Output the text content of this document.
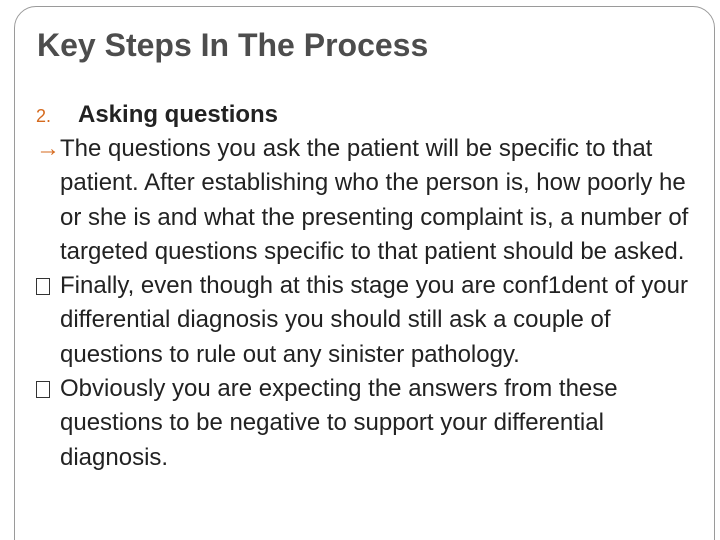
Key Steps In The Process
2.	Asking questions

→The questions you ask the patient will be specific to that patient. After establishing who the person is, how poorly he or she is and what the presenting complaint is, a number of targeted questions specific to that patient should be asked.

Finally, even though at this stage you are conf1dent of your differential diagnosis you should still ask a couple of questions to rule out any sinister pathology.

Obviously you are expecting the answers from these questions to be negative to support your differential diagnosis.
